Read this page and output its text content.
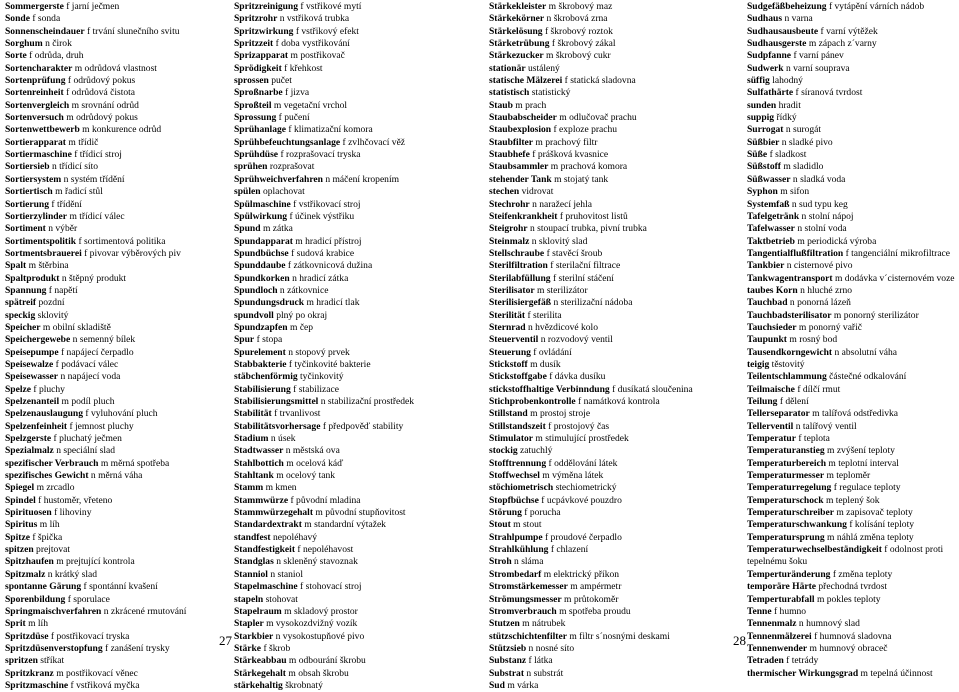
Sommergerste f jarní ječmen
Sonde f sonda
Sonnenscheindauer f trvání slunečního svitu
Sorghum n čirok
Sorte f odrůda, druh
Sortencharakter m odrůdová vlastnost
Sortenprüfung f odrůdový pokus
Sortenreinheit f odrůdová čistota
Sortenvergleich m srovnání odrůd
Sortenversuch m odrůdový pokus
Sortenwettbewerb m konkurence odrůd
Sortierapparat m třídič
Sortiermaschine f třídicí stroj
Sortiersieb n třídicí síto
Sortiersystem n systém třídění
Sortiertisch m řadicí stůl
Sortierung f třídění
Sortierzylinder m třídicí válec
Sortiment n výběr
Sortimentspolitik f sortimentová politika
Sortmentsbrauerei f pivovar výběrových piv
Spalt m štěrbina
Spaltprodukt n štěpný produkt
Spannung f napětí
spätreif pozdní
speckig sklovitý
Speicher m obilní skladiště
Speichergewebe n semenný bílek
Speisepumpe f napájecí čerpadlo
Speisewalze f podávací válec
Speisewasser n napájecí voda
Spelze f pluchy
Spelzenanteil m podíl pluch
Spelzenauslaugung f vyluhování pluch
Spelzenfeinheit f jemnost pluchy
Spelzgerste f pluchatý ječmen
Spezialmalz n speciální slad
spezifischer Verbrauch m měrná spotřeba
spezifisches Gewicht n měrná váha
Spiegel m zrcadlo
Spindel f hustoměr, vřeteno
Spirituosen f lihoviny
Spiritus m líh
Spitze f špička
spitzen prejtovat
Spitzhaufen m prejtující kontrola
Spitzmalz n krátký slad
spontanne Gärung f spontánní kvašení
Sporenbildung f sporulace
Springmaischverfahren n zkrácené rmutování
Sprit m líh
Spritzdüse f postřikovací tryska
Spritzdüsenverstopfung f zanášení trysky
spritzen stříkat
Spritzkranz m postřikovací věnec
Spritzmaschine f vstřiková myčka
Spritzreinigung f vstřikové mytí
Spritzrohr n vstřiková trubka
Spritzwirkung f vstřikový efekt
Spritzzeit f doba vystřikování
Sprizapparat m postřikovač
Sprödigkeit f křehkost
sprossen pučet
Sproßnarbe f jizva
Sproßteil m vegetační vrchol
Sprossung f pučení
Sprühanlage f klimatizační komora
Sprühbefeuchtungsanlage f zvlhčovací věž
Sprühdüse f rozprašovací tryska
sprühen rozprašovat
Sprühweichverfahren n máčení kropením
spülen oplachovat
Spülmaschine f vstřikovací stroj
Spülwirkung f účinek výstřiku
Spund m zátka
Spundapparat m hradicí přístroj
Spundbüchse f sudová krabice
Spunddaube f zátkovnicová dužina
Spundkorken n hradicí zátka
Spundloch n zátkovnice
Spundungsdruck m hradicí tlak
spundvoll plný po okraj
Spundzapfen m čep
Spur f stopa
Spurelement n stopový prvek
Stabbakterie f tyčinkovité bakterie
stäbchenförmig tyčinkovitý
Stabilisierung f stabilizace
Stabilisierungsmittel n stabilizační prostředek
Stabilität f trvanlivost
Stabilitätsvorhersage f předpověď stability
Stadium n úsek
Stadtwasser n městská ova
Stahlbottich m ocelová káď
Stahltank m ocelový tank
Stamm m kmen
Stammwürze f původní mladina
Stammwürzegehalt m původní stupňovitost
Standardextrakt m standardní výtažek
standfest nepoléhavý
Standfestigkeit f nepoléhavost
Standglas n skleněný stavoznak
Stanniol n staniol
Stapelmaschine f stohovací stroj
stapeln stohovat
Stapelraum m skladový prostor
Stapler m vysokozdvižný vozík
Starkbier n vysokostupňové pivo
Stärke f škrob
Stärkeabbau m odbourání škrobu
Stärkegehalt m obsah škrobu
stärkehaltig škrobnatý
Stärkekleister m škrobový maz
Stärkekörner n škrobová zrna
Stärkelösung f škrobový roztok
Stärketrübung f škrobový zákal
Stärkezucker m škrobový cukr
stationär ustálený
statische Mälzerei f statická sladovna
statistisch statistický
Staub m prach
Staubabscheider m odlučovač prachu
Staubexplosion f exploze prachu
Staubfilter m prachový filtr
Staubhefe f prášková kvasnice
Staubsammler m prachová komora
stehender Tank m stojatý tank
stechen vidrovat
Stechrohr n naražecí jehla
Steifenkrankheit f pruhovitost listů
Steigrohr n stoupací trubka, pivní trubka
Steinmalz n sklovitý slad
Stellschraube f stavěcí šroub
Sterilfiltration f sterilační filtrace
Sterilabfüllung f sterilní stáčení
Sterilisator m sterilizátor
Sterilisiergefäß n sterilizační nádoba
Sterilität f sterilita
Sternrad n hvězdicové kolo
Steuerventil n rozvodový ventil
Steuerung f ovládání
Stickstoff m dusík
Stickstoffgabe f dávka dusíku
stickstoffhaltige Verbinndung f dusíkatá sloučenina
Stichprobenkontrolle f namátková kontrola
Stillstand m prostoj stroje
Stillstandszeit f prostojový čas
Stimulator m stimulující prostředek
stockig zatuchlý
Stofftrennung f oddělování látek
Stoffwechsel m výměna látek
stöchiometrisch stechiometrický
Stopfbüchse f ucpávkové pouzdro
Störung f porucha
Stout m stout
Strahlpumpe f proudové čerpadlo
Strahlkühlung f chlazení
Stroh n sláma
Strombedarf m elektrický příkon
Stromstärkemesser m ampérmetr
Strömungsmesser m průtokoměr
Stromverbrauch m spotřeba proudu
Stutzen m nátrubek
stützschichtenfilter m filtr s´nosnými deskami
Stützsieb n nosné síto
Substanz f látka
Substrat n substrát
Sud m várka
Sudgefäßbeheizung f vytápění várních nádob
Sudhaus n varna
Sudhausausbeute f varní výtěžek
Sudhausgerste m zápach z´varny
Sudpfanne f varní pánev
Sudwerk n varní souprava
süffig lahodný
Sulfathärte f síranová tvrdost
sunden hradit
suppig řídký
Surrogat n surogát
Süßbier n sladké pivo
Süße f sladkost
Süßstoff m sladidlo
Süßwasser n sladká voda
Syphon m sifon
Systemfaß n sud typu keg
Tafelgetränk n stolní nápoj
Tafelwasser n stolní voda
Taktbetrieb m periodická výroba
Tangentialflußfiltration f tangenciální mikrofiltrace
Tankbier n cisternové pivo
Tankwagentransport m dodávka v´cisternovém vozе
taubes Korn n hluché zrno
Tauchbad n ponorná lázeň
Tauchbadsterilisator m ponorný sterilizátor
Tauchsieder m ponorný vařič
Taupunkt m rosný bod
Tausendkorngewicht n absolutní váha
teigig těstovitý
Teilentschlammung částečné odkalování
Teilmaische f dílčí rmut
Teilung f dělení
Tellerseparator m talířová odstředivka
Tellerventil n talířový ventil
Temperatur f teplota
Temperaturanstieg m zvýšení teploty
Temperaturbereich m teplotní interval
Temperaturmesser m teploměr
Temperaturregelung f regulace teploty
Temperaturschock m teplený šok
Temperaturschreiber m zapisovač teploty
Temperaturschwankung f kolísání teploty
Temperatursprung m náhlá změna teploty
Temperaturwechselbeständigkeit f odolnost proti
tepelnému šoku
Temperturänderung f změna teploty
temporäre Härte přechodná tvrdost
Temperturabfall m pokles teploty
Tenne f humno
Tennenmalz n humnový slad
Tennenmälzerei f humnová sladovna
Tennenwender m humnový obraceč
Tetraden f tetrády
thermischer Wirkungsgrad m tepelná účinnost
27	28
